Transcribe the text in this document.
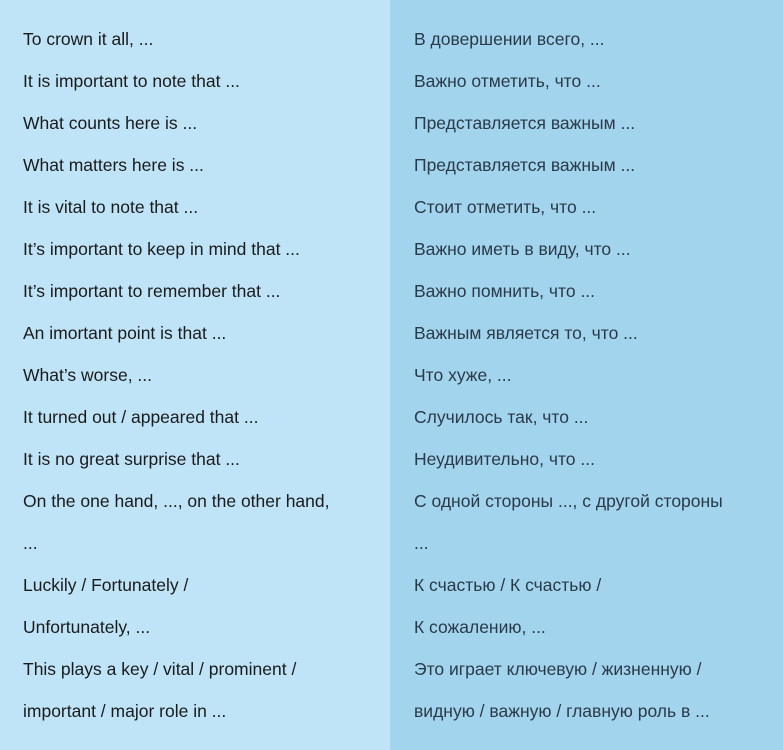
To crown it all, ...
It is important to note that ...
What counts here is ...
What matters here is ...
It is vital to note that ...
It’s important to keep in mind that ...
It’s important to remember that ...
An imortant point is that ...
What’s worse, ...
It turned out / appeared that ...
It is no great surprise that ...
On the one hand, ..., on the other hand,
...
Luckily / Fortunately /
Unfortunately, ...
This plays a key / vital / prominent /
important / major role in ...
В довершении всего, ...
Важно отметить, что ...
Представляется важным ...
Представляется важным ...
Стоит отметить, что ...
Важно иметь в виду, что ...
Важно помнить, что ...
Важным является то, что ...
Что хуже, ...
Случилось так, что ...
Неудивительно, что ...
С одной стороны ..., с другой стороны
...
К счастью / К счастью /
К сожалению, ...
Это играет ключевую / жизненную /
видную / важную / главную роль в ...
